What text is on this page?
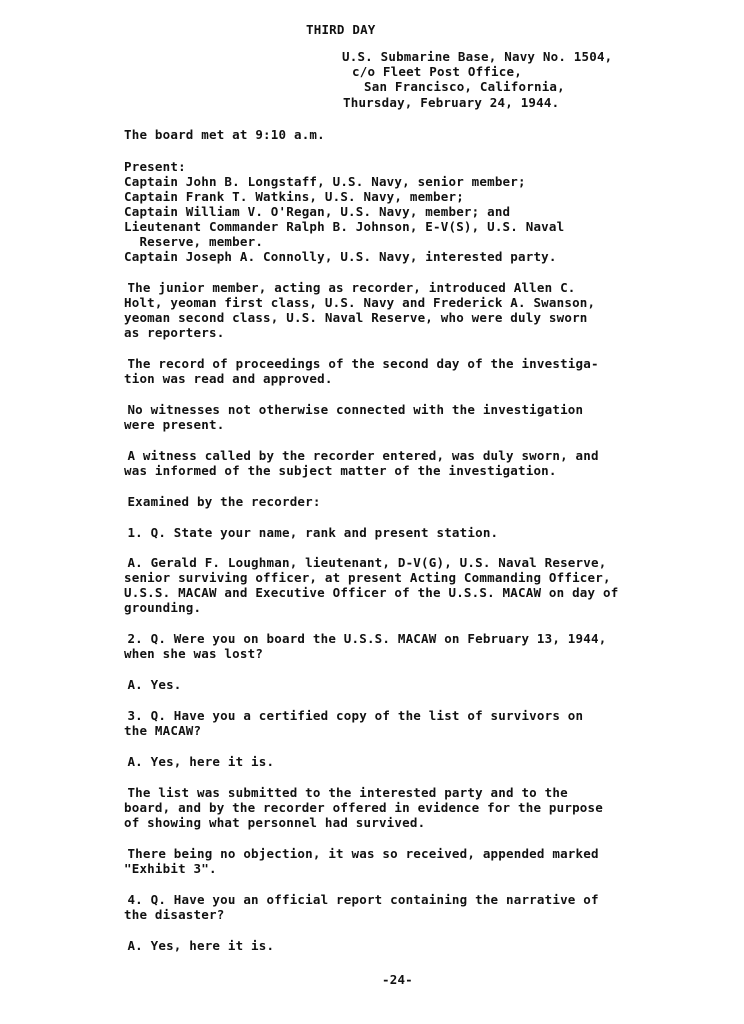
THIRD DAY
U.S. Submarine Base, Navy No. 1504,
c/o Fleet Post Office,
San Francisco, California,
Thursday, February 24, 1944.
The board met at 9:10 a.m.
Present:
Captain John B. Longstaff, U.S. Navy, senior member;
Captain Frank T. Watkins, U.S. Navy, member;
Captain William V. O'Regan, U.S. Navy, member; and
Lieutenant Commander Ralph B. Johnson, E-V(S), U.S. Naval
Reserve, member.
Captain Joseph A. Connolly, U.S. Navy, interested party.
The junior member, acting as recorder, introduced Allen C.
Holt, yeoman first class, U.S. Navy and Frederick A. Swanson,
yeoman second class, U.S. Naval Reserve, who were duly sworn
as reporters.
The record of proceedings of the second day of the investiga-
tion was read and approved.
No witnesses not otherwise connected with the investigation
were present.
A witness called by the recorder entered, was duly sworn, and
was informed of the subject matter of the investigation.
Examined by the recorder:
1. Q. State your name, rank and present station.
A. Gerald F. Loughman, lieutenant, D-V(G), U.S. Naval Reserve,
senior surviving officer, at present Acting Commanding Officer,
U.S.S. MACAW and Executive Officer of the U.S.S. MACAW on day of
grounding.
2. Q. Were you on board the U.S.S. MACAW on February 13, 1944,
when she was lost?
A. Yes.
3. Q. Have you a certified copy of the list of survivors on
the MACAW?
A. Yes, here it is.
The list was submitted to the interested party and to the
board, and by the recorder offered in evidence for the purpose
of showing what personnel had survived.
There being no objection, it was so received, appended marked
"Exhibit 3".
4. Q. Have you an official report containing the narrative of
the disaster?
A. Yes, here it is.
-24-
